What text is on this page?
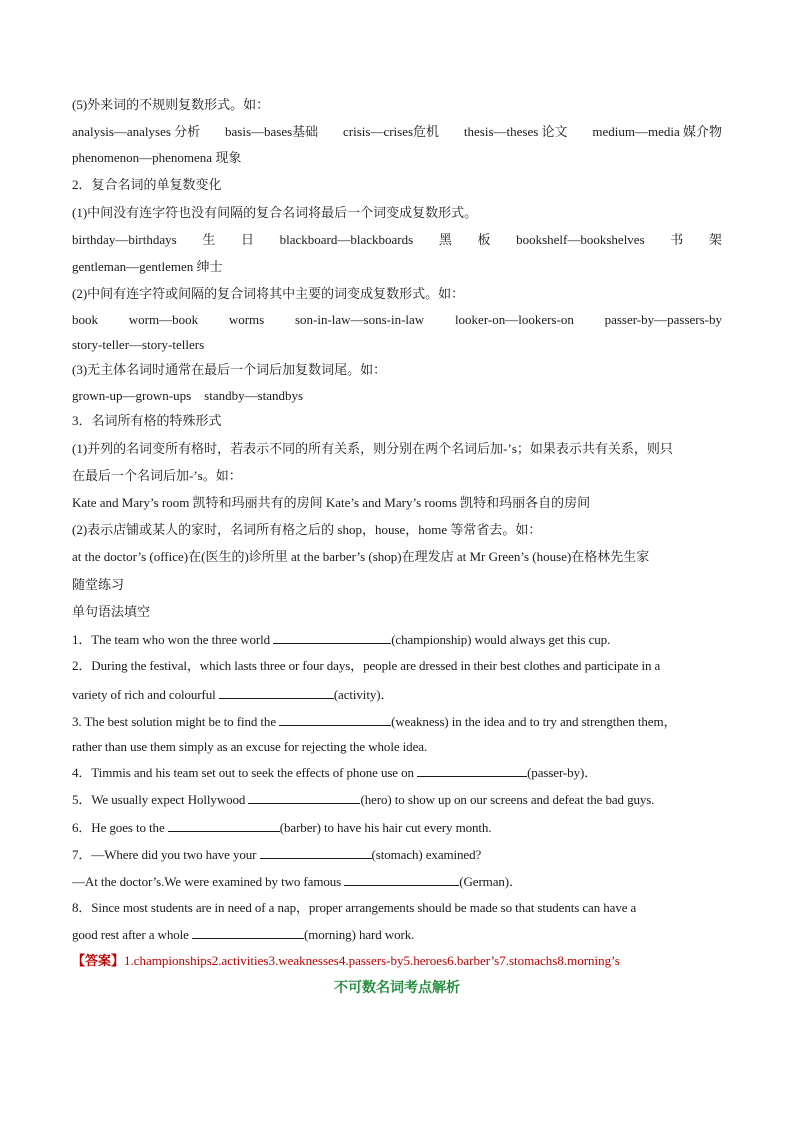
(5)外来词的不规则复数形式。如：
analysis—analyses 分析 basis—bases基础 crisis—crises危机 thesis—theses 论文 medium—media 媒介物
phenomenon—phenomena 现象
2．复合名词的单复数变化
(1)中间没有连字符也没有间隔的复合名词将最后一个词变成复数形式。
birthday—birthdays 生 日 blackboard—blackboards 黑 板 bookshelf—bookshelves 书 架
gentleman—gentlemen 绅士
(2)中间有连字符或间隔的复合词将其中主要的词变成复数形式。如：
book worm—book worms son-in-law—sons-in-law looker-on—lookers-on passer-by—passers-by
story-teller—story-tellers
(3)无主体名词时通常在最后一个词后加复数词尾。如：
grown-up—grown-ups    standby—standbys
3．名词所有格的特殊形式
(1)并列的名词变所有格时，若表示不同的所有关系，则分别在两个名词后加-’s；如果表示共有关系，则只
在最后一个名词后加-’s。如：
Kate and Mary’s room 凯特和玛丽共有的房间 Kate’s and Mary’s rooms 凯特和玛丽各自的房间
(2)表示店铺或某人的家时，名词所有格之后的 shop，house，home 等常省去。如：
at the doctor’s (office)在(医生的)诊所里 at the barber’s (shop)在理发店 at Mr Green’s (house)在格林先生家
随堂练习
单句语法填空
1．The team who won the three world	(championship) would always get this cup.
2．During the festival，which lasts three or four days，people are dressed in their best clothes and participate in a
variety of rich and colourful	(activity)．
3. The best solution might be to find the	(weakness) in the idea and to try and strengthen them，
rather than use them simply as an excuse for rejecting the whole idea.
4．Timmis and his team set out to seek the effects of phone use on	(passer-by)．
5．We usually expect Hollywood	(hero) to show up on our screens and defeat the bad guys.
6．He goes to the	(barber) to have his hair cut every month.
7．—Where did you two have your	(stomach) examined?
—At the doctor’s.We were examined by two famous	(German)．
8．Since most students are in need of a nap，proper arrangements should be made so that students can have a
good rest after a whole	(morning) hard work.
【答案】1.championships2.activities3.weaknesses4.passers-by5.heroes6.barber’s7.stomachs8.morning’s
不可数名词考点解析
